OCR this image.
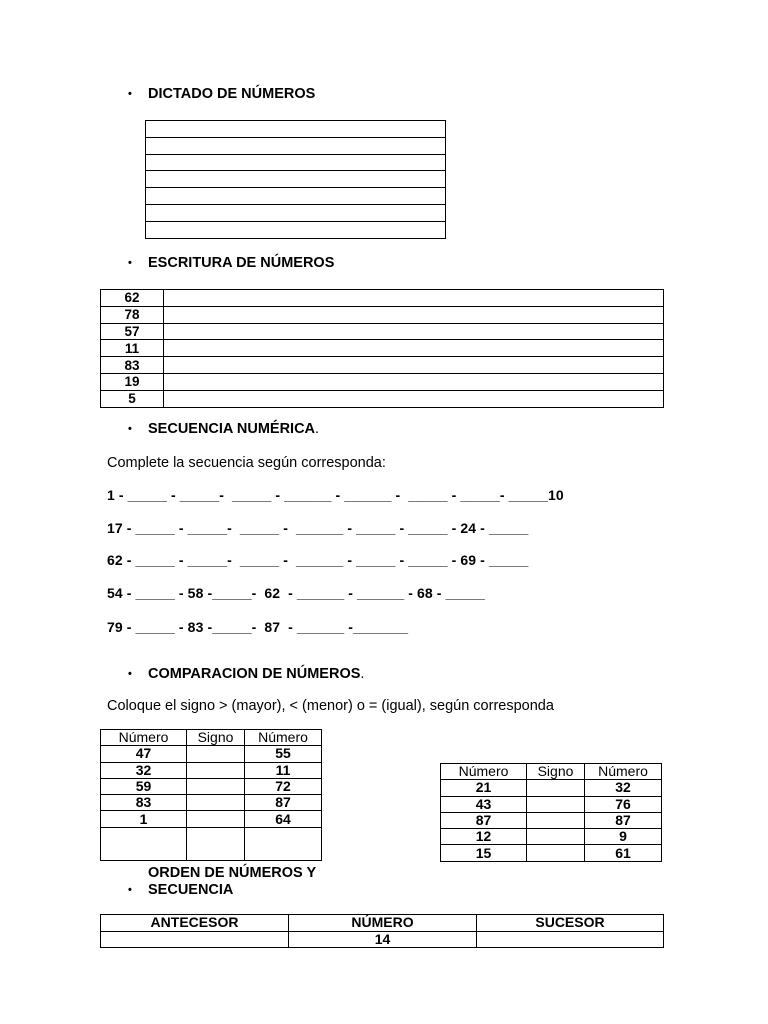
• DICTADO DE NÚMEROS

• ESCRITURA DE NÚMEROS
62	
78	
57	
11	
83	
19	
5	
• SECUENCIA NUMÉRICA.
Complete la secuencia según corresponda:
1 - _____ - _____-  _____ - ______ - ______ -  _____ - _____- _____10
17 - _____ - _____-  _____ -  ______ - _____ - _____ - 24 - _____
62 - _____ - _____-  _____ -  ______ - _____ - _____ - 69 - _____
54 - _____ - 58 -_____-  62  - ______ - ______ - 68 - _____
79 - _____ - 83 -_____-  87  - ______ -_______
• COMPARACION DE NÚMEROS.
Coloque el signo > (mayor), < (menor) o = (igual), según corresponda
Número	Signo	Número
47		55
32		11
59		72
83		87
1		64

Número	Signo	Número
21		32
43		76
87		87
12		9
15		61
•ORDEN DE NÚMEROS Y
SECUENCIA
ANTECESOR	NÚMERO	SUCESOR
	14	
